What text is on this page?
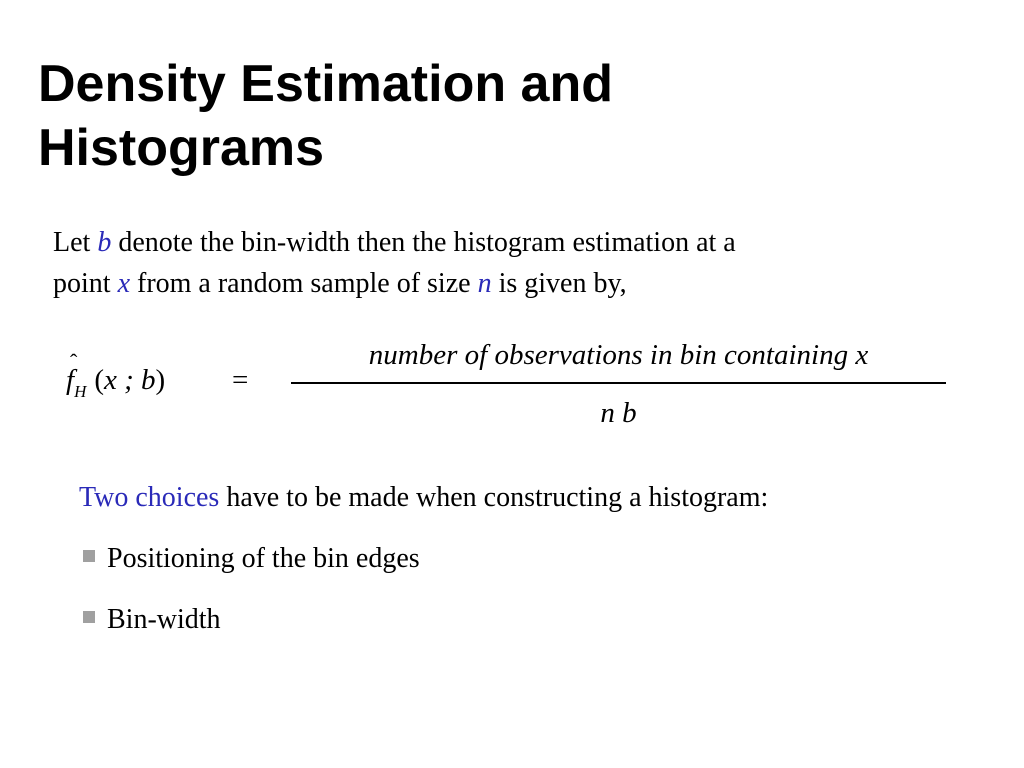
Density Estimation and
Histograms
Let b denote the bin-width then the histogram estimation at a
point x from a random sample of size n is given by,
ˆ
$f_H$ (x ; b) =
number of observations in bin containing x
n b
Two choices have to be made when constructing a histogram:
Positioning of the bin edges
Bin-width
